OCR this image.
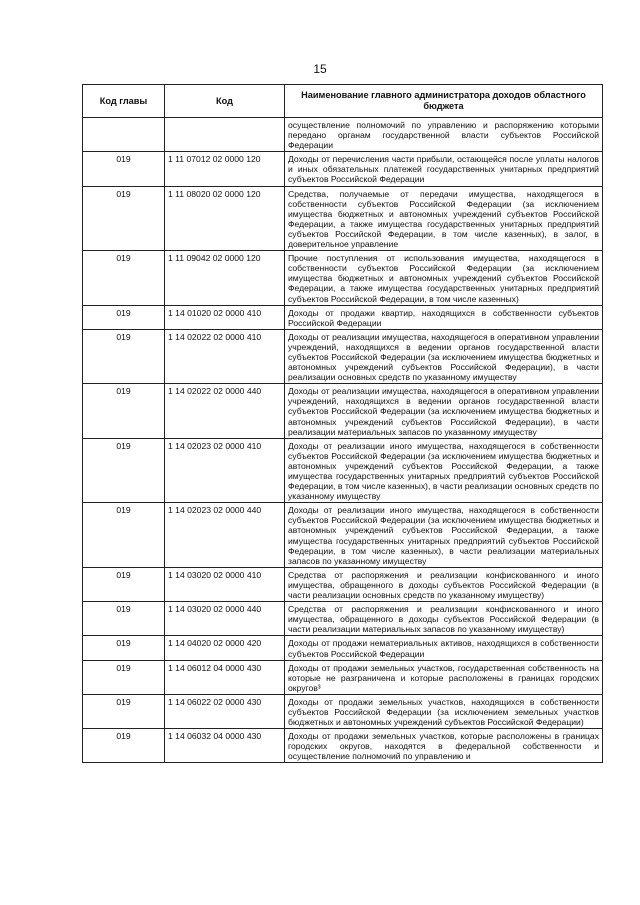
15
Код главы	Код	Наименование главного администратора доходов областного бюджета
		осуществление полномочий по управлению и распоряжению которыми передано органам государственной власти субъектов Российской Федерации
019	1 11 07012 02 0000 120	Доходы от перечисления части прибыли, остающейся после уплаты налогов и иных обязательных платежей государственных унитарных предприятий субъектов Российской Федерации
019	1 11 08020 02 0000 120	Средства, получаемые от передачи имущества, находящегося в собственности субъектов Российской Федерации (за исключением имущества бюджетных и автономных учреждений субъектов Российской Федерации, а также имущества государственных унитарных предприятий субъектов Российской Федерации, в том числе казенных), в залог, в доверительное управление
019	1 11 09042 02 0000 120	Прочие поступления от использования имущества, находящегося в собственности субъектов Российской Федерации (за исключением имущества бюджетных и автономных учреждений субъектов Российской Федерации, а также имущества государственных унитарных предприятий субъектов Российской Федерации, в том числе казенных)
019	1 14 01020 02 0000 410	Доходы от продажи квартир, находящихся в собственности субъектов Российской Федерации
019	1 14 02022 02 0000 410	Доходы от реализации имущества, находящегося в оперативном управлении учреждений, находящихся в ведении органов государственной власти субъектов Российской Федерации (за исключением имущества бюджетных и автономных учреждений субъектов Российской Федерации), в части реализации основных средств по указанному имуществу
019	1 14 02022 02 0000 440	Доходы от реализации имущества, находящегося в оперативном управлении учреждений, находящихся в ведении органов государственной власти субъектов Российской Федерации (за исключением имущества бюджетных и автономных учреждений субъектов Российской Федерации), в части реализации материальных запасов по указанному имуществу
019	1 14 02023 02 0000 410	Доходы от реализации иного имущества, находящегося в собственности субъектов Российской Федерации (за исключением имущества бюджетных и автономных учреждений субъектов Российской Федерации, а также имущества государственных унитарных предприятий субъектов Российской Федерации, в том числе казенных), в части реализации основных средств по указанному имуществу
019	1 14 02023 02 0000 440	Доходы от реализации иного имущества, находящегося в собственности субъектов Российской Федерации (за исключением имущества бюджетных и автономных учреждений субъектов Российской Федерации, а также имущества государственных унитарных предприятий субъектов Российской Федерации, в том числе казенных), в части реализации материальных запасов по указанному имуществу
019	1 14 03020 02 0000 410	Средства от распоряжения и реализации конфискованного и иного имущества, обращенного в доходы субъектов Российской Федерации (в части реализации основных средств по указанному имуществу)
019	1 14 03020 02 0000 440	Средства от распоряжения и реализации конфискованного и иного имущества, обращенного в доходы субъектов Российской Федерации (в части реализации материальных запасов по указанному имуществу)
019	1 14 04020 02 0000 420	Доходы от продажи нематериальных активов, находящихся в собственности субъектов Российской Федерации
019	1 14 06012 04 0000 430	Доходы от продажи земельных участков, государственная собственность на которые не разграничена и которые расположены в границах городских округов³
019	1 14 06022 02 0000 430	Доходы от продажи земельных участков, находящихся в собственности субъектов Российской Федерации (за исключением земельных участков бюджетных и автономных учреждений субъектов Российской Федерации)
019	1 14 06032 04 0000 430	Доходы от продажи земельных участков, которые расположены в границах городских округов, находятся в федеральной собственности и осуществление полномочий по управлению и
